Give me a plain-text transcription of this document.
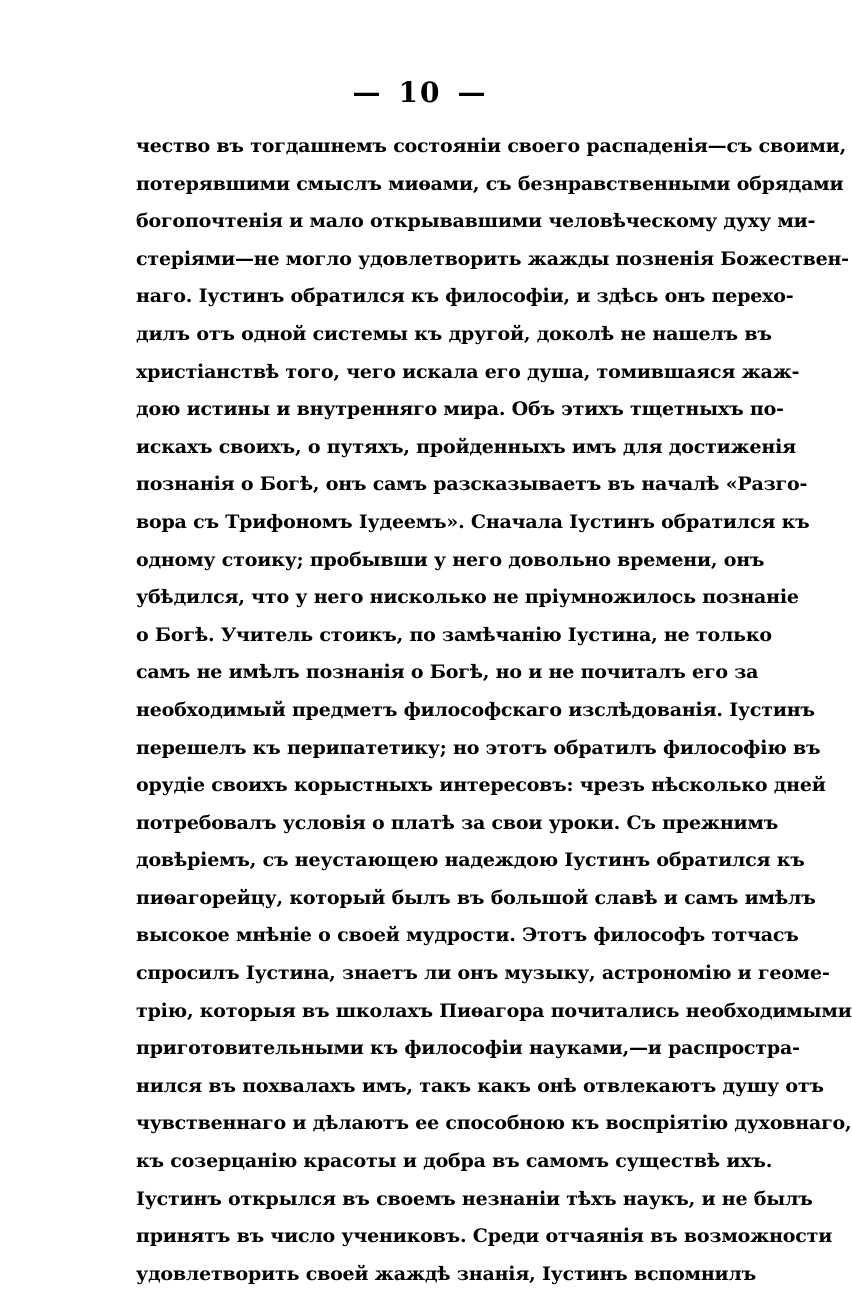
— 10 —
чество въ тогдашнемъ состоянiи своего распаденiя—съ своими,
потерявшими смыслъ миѳами, съ безнравственными обрядами
богопочтенiя и мало открывавшими человѣческому духу ми-
стерiями—не могло удовлетворить жажды позненiя Божествен-
наго. Iустинъ обратился къ философiи, и здѣсь онъ перехо-
дилъ отъ одной системы къ другой, доколѣ не нашелъ въ
христiанствѣ того, чего искала его душа, томившаяся жаж-
дою истины и внутренняго мира. Объ этихъ тщетныхъ по-
искахъ своихъ, о путяхъ, пройденныхъ имъ для достиженiя
познанiя о Богѣ, онъ самъ разсказываетъ въ началѣ «Разго-
вора съ Трифономъ Iудеемъ». Сначала Iустинъ обратился къ
одному стоику; пробывши у него довольно времени, онъ
убѣдился, что у него нисколько не прiумножилось познанiе
о Богѣ. Учитель стоикъ, по замѣчанiю Iустина, не только
самъ не имѣлъ познанiя о Богѣ, но и не почиталъ его за
необходимый предметъ философскаго изслѣдованiя. Iустинъ
перешелъ къ перипатетику; но этотъ обратилъ философiю въ
орудiе своихъ корыстныхъ интересовъ: чрезъ нѣсколько дней
потребовалъ условiя о платѣ за свои уроки. Съ прежнимъ
довѣрiемъ, съ неустающею надеждою Iустинъ обратился къ
пиѳагорейцу, который былъ въ большой славѣ и самъ имѣлъ
высокое мнѣнiе о своей мудрости. Этотъ философъ тотчасъ
спросилъ Iустина, знаетъ ли онъ музыку, астрономiю и геоме-
трiю, которыя въ школахъ Пиѳагора почитались необходимыми
приготовительными къ философiи науками,—и распростра-
нился въ похвалахъ имъ, такъ какъ онѣ отвлекаютъ душу отъ
чувственнаго и дѣлаютъ ее способною къ воспрiятiю духовнаго,
къ созерцанiю красоты и добра въ самомъ существѣ ихъ.
Iустинъ открылся въ своемъ незнанiи тѣхъ наукъ, и не былъ
принятъ въ число учениковъ. Среди отчаянiя въ возможности
удовлетворить своей жаждѣ знанiя, Iустинъ вспомнилъ
